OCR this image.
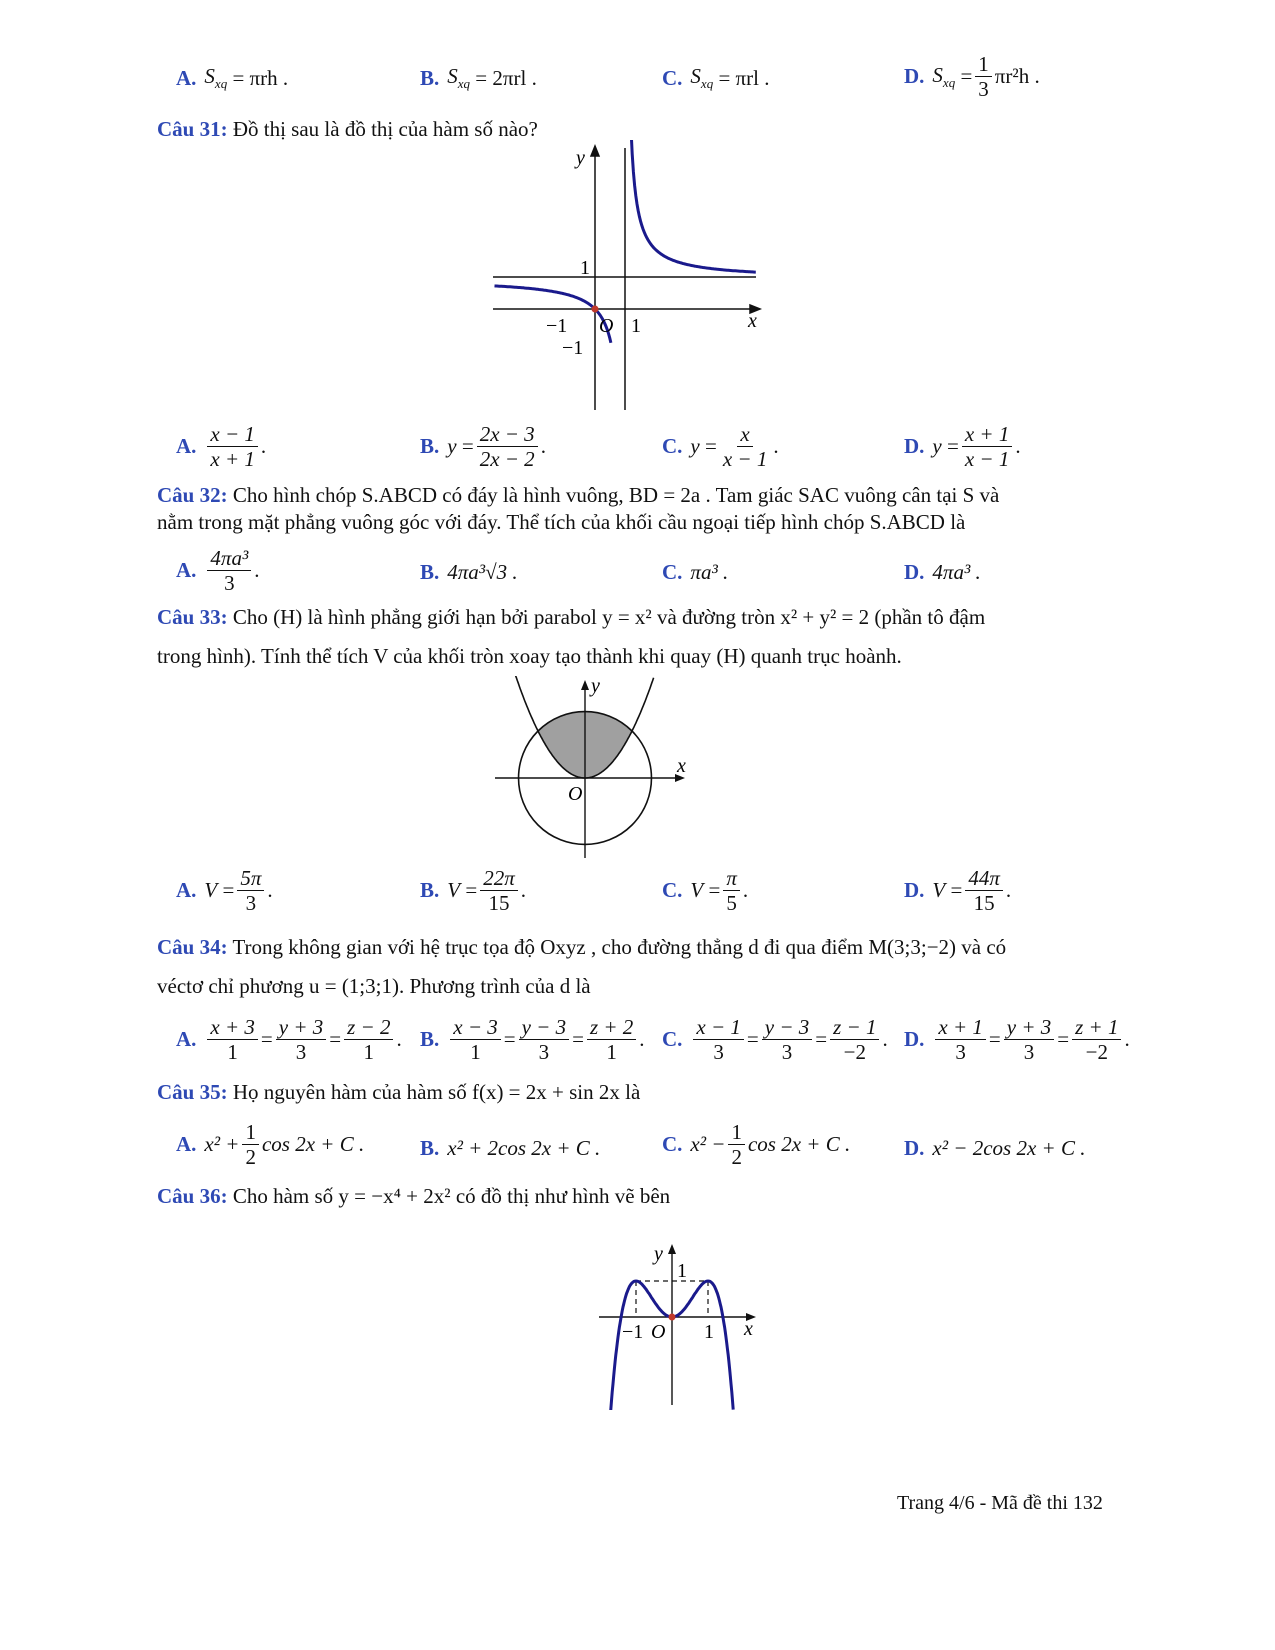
A. $S_{xq}$
= πrh .	B. $S_{xq}$
= 2πrl .	C. $S_{xq}$
= πrl .	D. $S_{xq}$
= $\frac{1}{3} \pi r^2h$ .
Câu 31: Đồ thị sau là đồ thị của hàm số nào?
y
x
1
−1 O 1
−1
A. $\frac{x - 1}{x + 1}$ .	B. $y = \frac{2x - 3}{2x - 2}$ .	C. $y = \frac{x}{x - 1}$ .	D. $y = \frac{x + 1}{x - 1}$ .
Câu 32: Cho hình chóp S.ABCD có đáy là hình vuông, BD = 2a . Tam giác SAC vuông cân tại S và
nằm trong mặt phẳng vuông góc với đáy. Thể tích của khối cầu ngoại tiếp hình chóp S.ABCD là
A. $\frac{\text{4πa³}}{3}$ .	B. 4πa³√3 .	C. πa³ .	D. 4πa³ .
Câu 33: Cho (H) là hình phẳng giới hạn bởi parabol y = x² và đường tròn x² + y² = 2 (phần tô đậm
trong hình). Tính thể tích V của khối tròn xoay tạo thành khi quay (H) quanh trục hoành.
y
x
O
A. $V = \frac{5\pi}{3}$ .	B. $V = \frac{22\pi}{15}$ .	C. $V = \frac{\pi}{5}$ .	D. $V = \frac{44\pi}{15}$ .
Câu 34: Trong không gian với hệ trục tọa độ Oxyz , cho đường thẳng d đi qua điểm M(3;3;−2) và có
véctơ chỉ phương u = (1;3;1). Phương trình của d là
A. $\frac{x + 3}{1} = \frac{y + 3}{3} = \frac{z - 2}{1}$ . B. $\frac{x - 3}{1} = \frac{y - 3}{3} = \frac{z + 2}{1}$ . C. $\frac{x - 1}{3} = \frac{y - 3}{3} = \frac{z - 1}{-2}$ . D. $\frac{x + 1}{3} = \frac{y + 3}{3} = \frac{z + 1}{-2}$ .
Câu 35: Họ nguyên hàm của hàm số f(x) = 2x + sin 2x là
A. $x^2 + \frac{1}{2}$ cos 2x + C .	B. x² + 2cos 2x + C .	C. $x^2 - \frac{1}{2}$ cos 2x + C .	D. x² − 2cos 2x + C .
Câu 36: Cho hàm số y = −x⁴ + 2x² có đồ thị như hình vẽ bên
y
x
1
−1 O 1
Trang 4/6 - Mã đề thi 132
